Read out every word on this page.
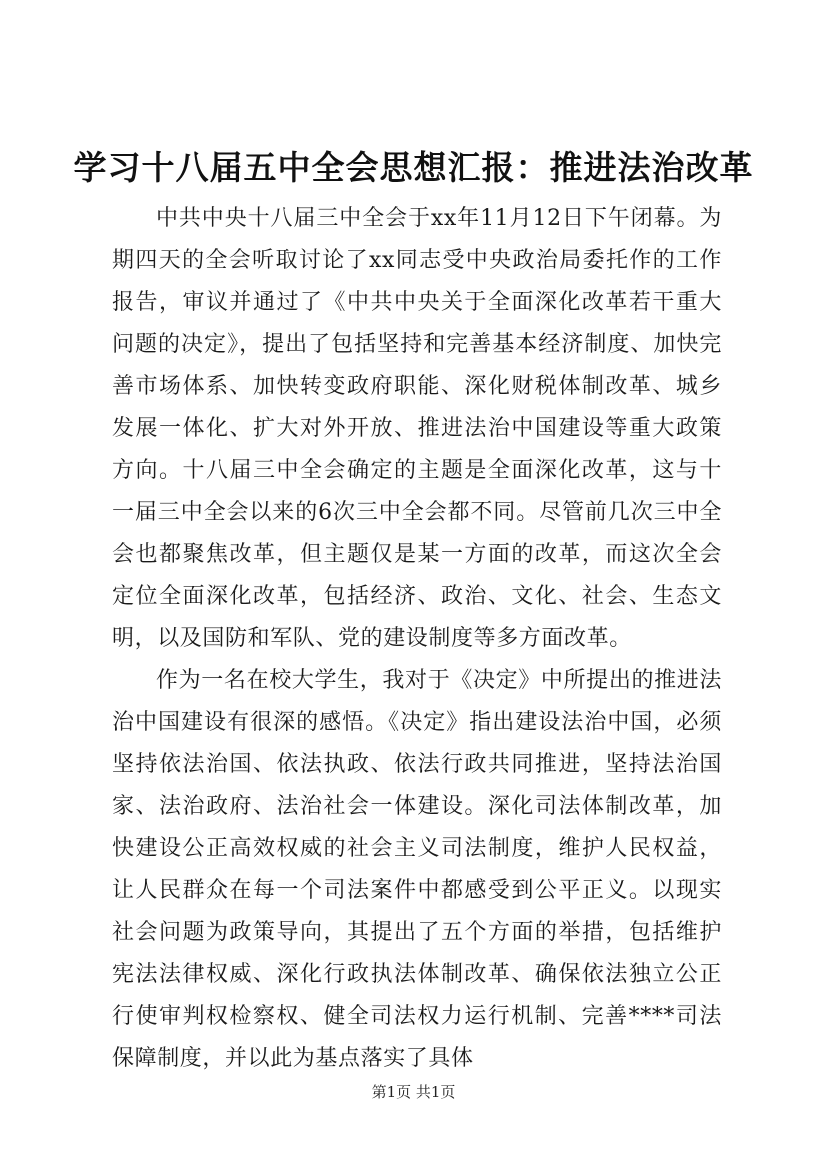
学习十八届五中全会思想汇报：推进法治改革

中共中央十八届三中全会于xx年11月12日下午闭幕。为期四天的全会听取讨论了xx同志受中央政治局委托作的工作报告，审议并通过了《中共中央关于全面深化改革若干重大问题的决定》，提出了包括坚持和完善基本经济制度、加快完善市场体系、加快转变政府职能、深化财税体制改革、城乡发展一体化、扩大对外开放、推进法治中国建设等重大政策方向。十八届三中全会确定的主题是全面深化改革，这与十一届三中全会以来的6次三中全会都不同。尽管前几次三中全会也都聚焦改革，但主题仅是某一方面的改革，而这次全会定位全面深化改革，包括经济、政治、文化、社会、生态文明，以及国防和军队、党的建设制度等多方面改革。

作为一名在校大学生，我对于《决定》中所提出的推进法治中国建设有很深的感悟。《决定》指出建设法治中国，必须坚持依法治国、依法执政、依法行政共同推进，坚持法治国家、法治政府、法治社会一体建设。深化司法体制改革，加快建设公正高效权威的社会主义司法制度，维护人民权益，让人民群众在每一个司法案件中都感受到公平正义。以现实社会问题为政策导向，其提出了五个方面的举措，包括维护宪法法律权威、深化行政执法体制改革、确保依法独立公正行使审判权检察权、健全司法权力运行机制、完善****司法保障制度，并以此为基点落实了具体

第1页 共1页
